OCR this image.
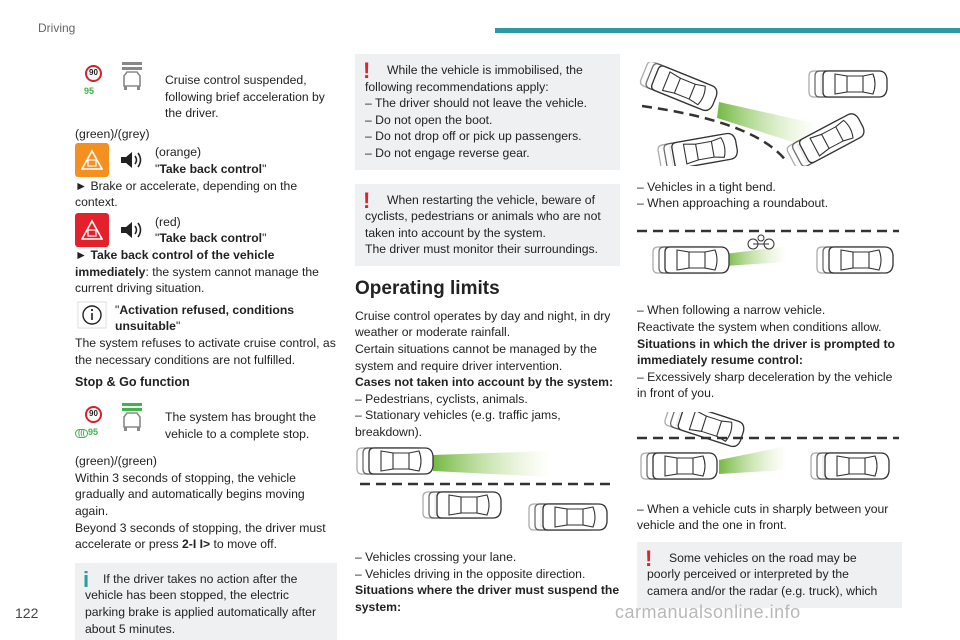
Driving
90
95

Cruise control suspended, following brief acceleration by the driver.

(green)/(grey)

(orange)

"Take back control"

► Brake or accelerate, depending on the context.

(red)

"Take back control"

► Take back control of the vehicle immediately: the system cannot manage the current driving situation.

"Activation refused, conditions unsuitable"

The system refuses to activate cruise control, as the necessary conditions are not fulfilled.

Stop & Go function

90
((( 95

The system has brought the vehicle to a complete stop.

(green)/(green)

Within 3 seconds of stopping, the vehicle gradually and automatically begins moving again.

Beyond 3 seconds of stopping, the driver must accelerate or press 2-I I> to move off.

i	If the driver takes no action after the vehicle has been stopped, the electric parking brake is applied automatically after about 5 minutes.

!	While the vehicle is immobilised, the following recommendations apply:

– The driver should not leave the vehicle.

– Do not open the boot.

– Do not drop off or pick up passengers.

– Do not engage reverse gear.

!	When restarting the vehicle, beware of cyclists, pedestrians or animals who are not taken into account by the system.

The driver must monitor their surroundings.

Operating limits

Cruise control operates by day and night, in dry weather or moderate rainfall.

Certain situations cannot be managed by the system and require driver intervention.

Cases not taken into account by the system:

– Pedestrians, cyclists, animals.

– Stationary vehicles (e.g. traffic jams, breakdown).

– Vehicles crossing your lane.

– Vehicles driving in the opposite direction.

Situations where the driver must suspend the system:

– Vehicles in a tight bend.

– When approaching a roundabout.

– When following a narrow vehicle.

Reactivate the system when conditions allow.

Situations in which the driver is prompted to immediately resume control:

– Excessively sharp deceleration by the vehicle in front of you.

– When a vehicle cuts in sharply between your vehicle and the one in front.

!	Some vehicles on the road may be poorly perceived or interpreted by the camera and/or the radar (e.g. truck), which

122	carmanualsonline.info
